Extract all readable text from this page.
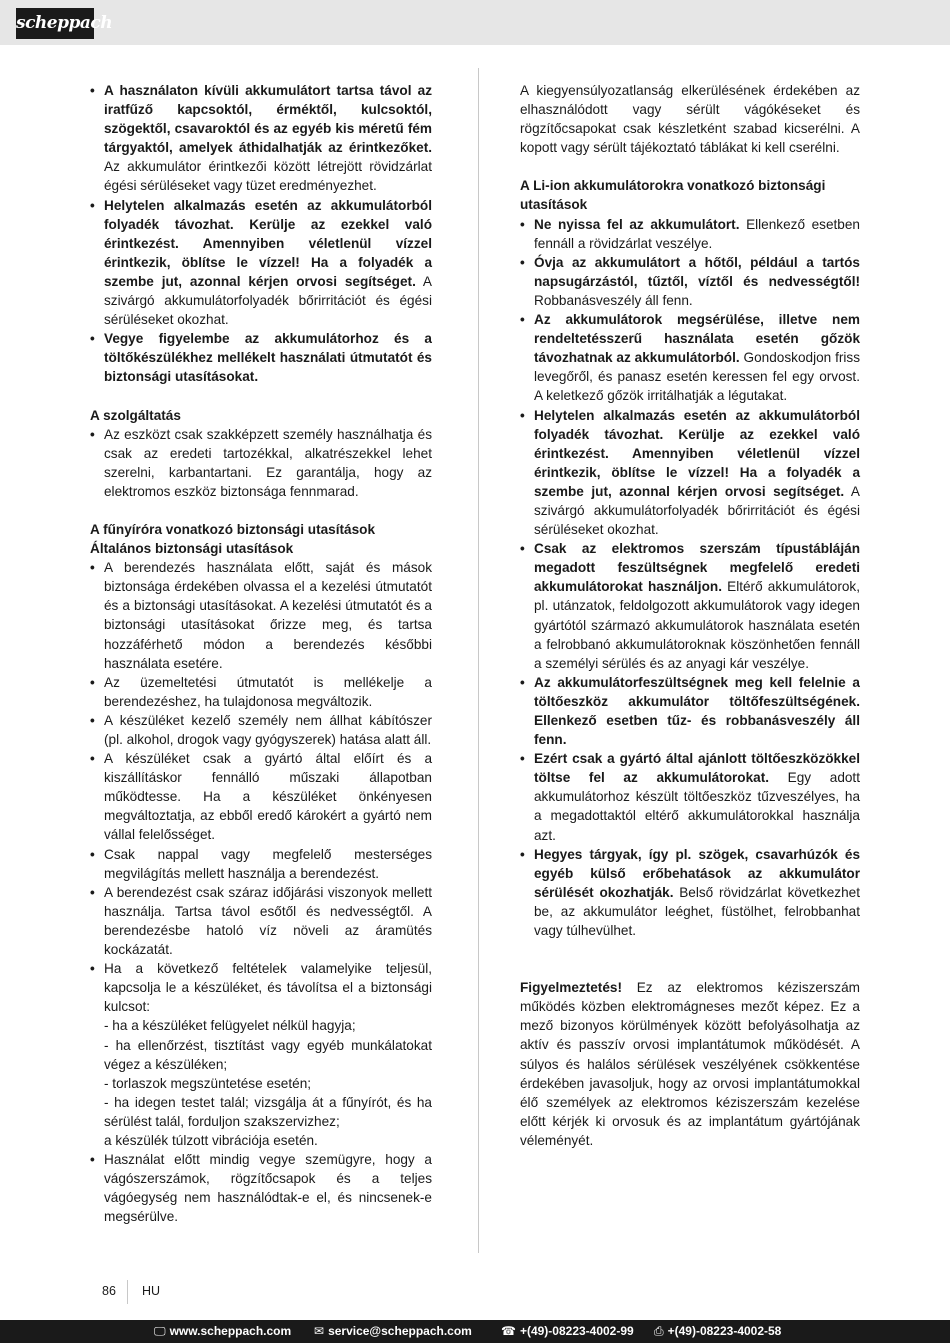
scheppach
• A használaton kívüli akkumulátort tartsa távol az iratfűző kapcsoktól, érméktől, kulcsoktól, szögektől, csavaroktól és az egyéb kis méretű fém tárgyaktól, amelyek áthidalhatják az érintkezőket. Az akkumulátor érintkezői között létrejött rövidzárlat égési sérüléseket vagy tüzet eredményezhet.
• Helytelen alkalmazás esetén az akkumulátorból folyadék távozhat. Kerülje az ezekkel való érintkezést. Amennyiben véletlenül vízzel érintkezik, öblítse le vízzel! Ha a folyadék a szembe jut, azonnal kérjen orvosi segítséget. A szivárgó akkumulátorfolyadék bőrirritációt és égési sérüléseket okozhat.
• Vegye figyelembe az akkumulátorhoz és a töltőkészülékhez mellékelt használati útmutatót és biztonsági utasításokat.
A szolgáltatás
• Az eszközt csak szakképzett személy használhatja és csak az eredeti tartozékkal, alkatrészekkel lehet szerelni, karbantartani. Ez garantálja, hogy az elektromos eszköz biztonsága fennmarad.
A fűnyíróra vonatkozó biztonsági utasítások
Általános biztonsági utasítások
• A berendezés használata előtt, saját és mások biztonsága érdekében olvassa el a kezelési útmutatót és a biztonsági utasításokat. A kezelési útmutatót és a biztonsági utasításokat őrizze meg, és tartsa hozzáférhető módon a berendezés későbbi használata esetére.
• Az üzemeltetési útmutatót is mellékelje a berendezéshez, ha tulajdonosa megváltozik.
• A készüléket kezelő személy nem állhat kábítószer (pl. alkohol, drogok vagy gyógyszerek) hatása alatt áll.
• A készüléket csak a gyártó által előírt és a kiszállításkor fennálló műszaki állapotban működtesse. Ha a készüléket önkényesen megváltoztatja, az ebből eredő károkért a gyártó nem vállal felelősséget.
• Csak nappal vagy megfelelő mesterséges megvilágítás mellett használja a berendezést.
• A berendezést csak száraz időjárási viszonyok mellett használja. Tartsa távol esőtől és nedvességtől. A berendezésbe hatoló víz növeli az áramütés kockázatát.
• Ha a következő feltételek valamelyike teljesül, kapcsolja le a készüléket, és távolítsa el a biztonsági kulcsot:
- ha a készüléket felügyelet nélkül hagyja;
- ha ellenőrzést, tisztítást vagy egyéb munkálatokat végez a készüléken;
- torlaszok megszüntetése esetén;
- ha idegen testet talál; vizsgálja át a fűnyírót, és ha sérülést talál, forduljon szakszervizhez;
a készülék túlzott vibrációja esetén.
• Használat előtt mindig vegye szemügyre, hogy a vágószerszámok, rögzítőcsapok és a teljes vágóegység nem használódtak-e el, és nincsenek-e megsérülve.

A kiegyensúlyozatlanság elkerülésének érdekében az elhasználódott vagy sérült vágókéseket és rögzítőcsapokat csak készletként szabad kicserélni. A kopott vagy sérült tájékoztató táblákat ki kell cserélni.

A Li-ion akkumulátorokra vonatkozó biztonsági utasítások
• Ne nyissa fel az akkumulátort. Ellenkező esetben fennáll a rövidzárlat veszélye.
• Óvja az akkumulátort a hőtől, például a tartós napsugárzástól, tűztől, víztől és nedvességtől! Robbanásveszély áll fenn.
• Az akkumulátorok megsérülése, illetve nem rendeltetésszerű használata esetén gőzök távozhatnak az akkumulátorból. Gondoskodjon friss levegőről, és panasz esetén keressen fel egy orvost. A keletkező gőzök irritálhatják a légutakat.
• Helytelen alkalmazás esetén az akkumulátorból folyadék távozhat. Kerülje az ezekkel való érintkezést. Amennyiben véletlenül vízzel érintkezik, öblítse le vízzel! Ha a folyadék a szembe jut, azonnal kérjen orvosi segítséget. A szivárgó akkumulátorfolyadék bőrirritációt és égési sérüléseket okozhat.
• Csak az elektromos szerszám típustábláján megadott feszültségnek megfelelő eredeti akkumulátorokat használjon. Eltérő akkumulátorok, pl. utánzatok, feldolgozott akkumulátorok vagy idegen gyártótól származó akkumulátorok használata esetén a felrobbanó akkumulátoroknak köszönhetően fennáll a személyi sérülés és az anyagi kár veszélye.
• Az akkumulátorfeszültségnek meg kell felelnie a töltőeszköz akkumulátor töltőfeszültségének. Ellenkező esetben tűz- és robbanásveszély áll fenn.
• Ezért csak a gyártó által ajánlott töltőeszközökkel töltse fel az akkumulátorokat. Egy adott akkumulátorhoz készült töltőeszköz tűzveszélyes, ha a megadottaktól eltérő akkumulátorokkal használja azt.
• Hegyes tárgyak, így pl. szögek, csavarhúzók és egyéb külső erőbehatások az akkumulátor sérülését okozhatják. Belső rövidzárlat következhet be, az akkumulátor leéghet, füstölhet, felrobbanhat vagy túlhevülhet.

Figyelmeztetés! Ez az elektromos kéziszerszám működés közben elektromágneses mezőt képez. Ez a mező bizonyos körülmények között befolyásolhatja az aktív és passzív orvosi implantátumok működését. A súlyos és halálos sérülések veszélyének csökkentése érdekében javasoljuk, hogy az orvosi implantátumokkal élő személyek az elektromos kéziszerszám kezelése előtt kérjék ki orvosuk és az implantátum gyártójának véleményét.

86 HU
🖵 www.scheppach.com ✉ service@scheppach.com ☎ +(49)-08223-4002-99 ⎙ +(49)-08223-4002-58
